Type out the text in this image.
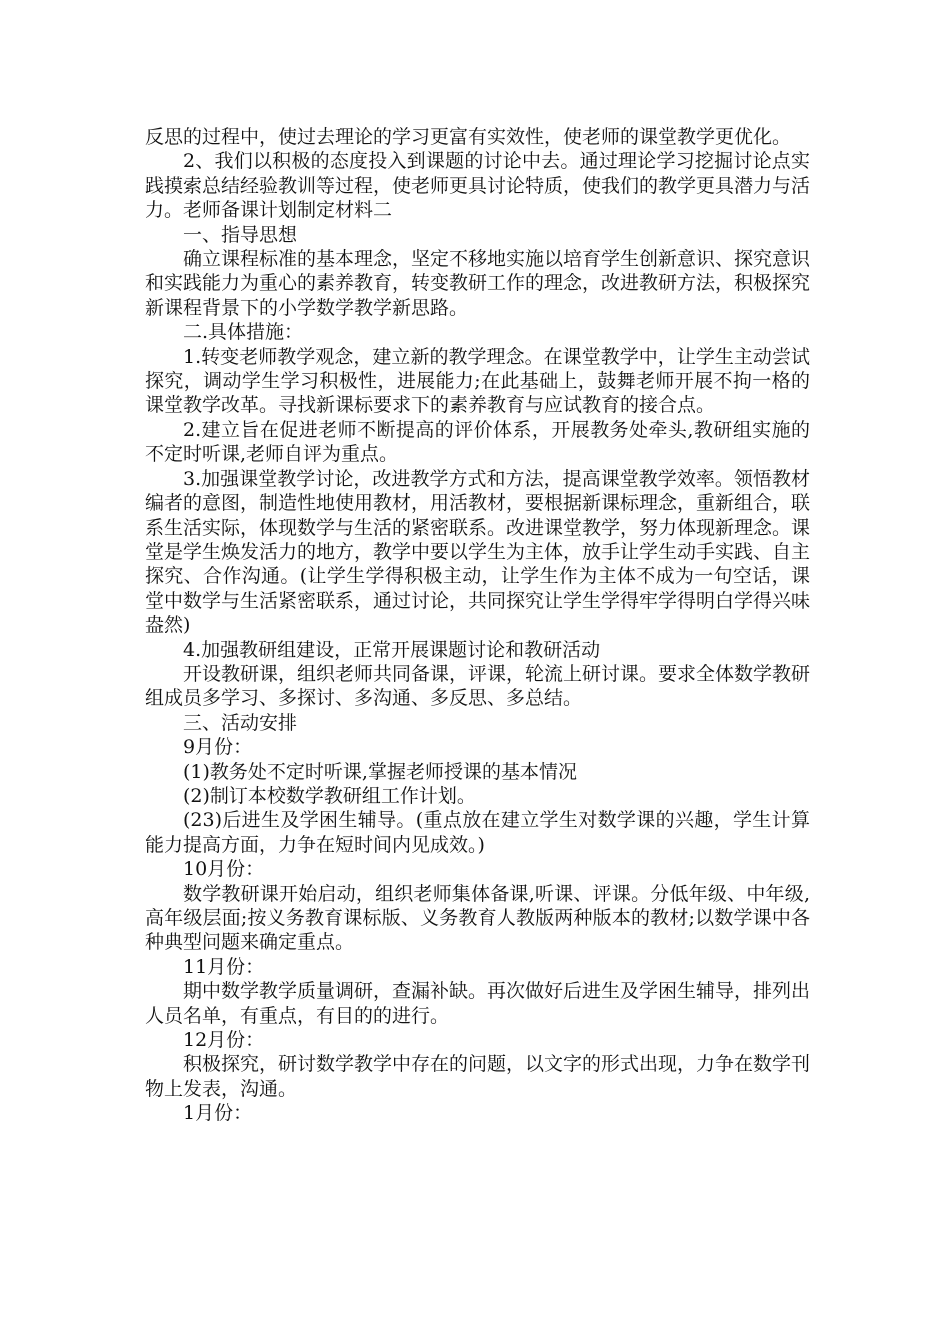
反思的过程中，使过去理论的学习更富有实效性，使老师的课堂教学更优化。

2、我们以积极的态度投入到课题的讨论中去。通过理论学习挖掘讨论点实践摸索总结经验教训等过程，使老师更具讨论特质，使我们的教学更具潜力与活力。老师备课计划制定材料二

一、指导思想

确立课程标准的基本理念，坚定不移地实施以培育学生创新意识、探究意识和实践能力为重心的素养教育，转变教研工作的理念，改进教研方法，积极探究新课程背景下的小学数学教学新思路。

二.具体措施：

1.转变老师教学观念，建立新的教学理念。在课堂教学中，让学生主动尝试探究，调动学生学习积极性，进展能力;在此基础上，鼓舞老师开展不拘一格的课堂教学改革。寻找新课标要求下的素养教育与应试教育的接合点。

2.建立旨在促进老师不断提高的评价体系，开展教务处牵头,教研组实施的不定时听课,老师自评为重点。

3.加强课堂教学讨论，改进教学方式和方法，提高课堂教学效率。领悟教材编者的意图，制造性地使用教材，用活教材，要根据新课标理念，重新组合，联系生活实际，体现数学与生活的紧密联系。改进课堂教学，努力体现新理念。课堂是学生焕发活力的地方，教学中要以学生为主体，放手让学生动手实践、自主探究、合作沟通。(让学生学得积极主动，让学生作为主体不成为一句空话，课堂中数学与生活紧密联系，通过讨论，共同探究让学生学得牢学得明白学得兴味盎然)

4.加强教研组建设，正常开展课题讨论和教研活动

开设教研课，组织老师共同备课，评课，轮流上研讨课。要求全体数学教研组成员多学习、多探讨、多沟通、多反思、多总结。

三、活动安排

9月份：

(1)教务处不定时听课,掌握老师授课的基本情况

(2)制订本校数学教研组工作计划。

(23)后进生及学困生辅导。(重点放在建立学生对数学课的兴趣，学生计算能力提高方面，力争在短时间内见成效。)

10月份：

数学教研课开始启动，组织老师集体备课,听课、评课。分低年级、中年级,高年级层面;按义务教育课标版、义务教育人教版两种版本的教材;以数学课中各种典型问题来确定重点。

11月份：

期中数学教学质量调研，查漏补缺。再次做好后进生及学困生辅导，排列出人员名单，有重点，有目的的进行。

12月份：

积极探究，研讨数学教学中存在的问题，以文字的形式出现，力争在数学刊物上发表，沟通。

1月份：
